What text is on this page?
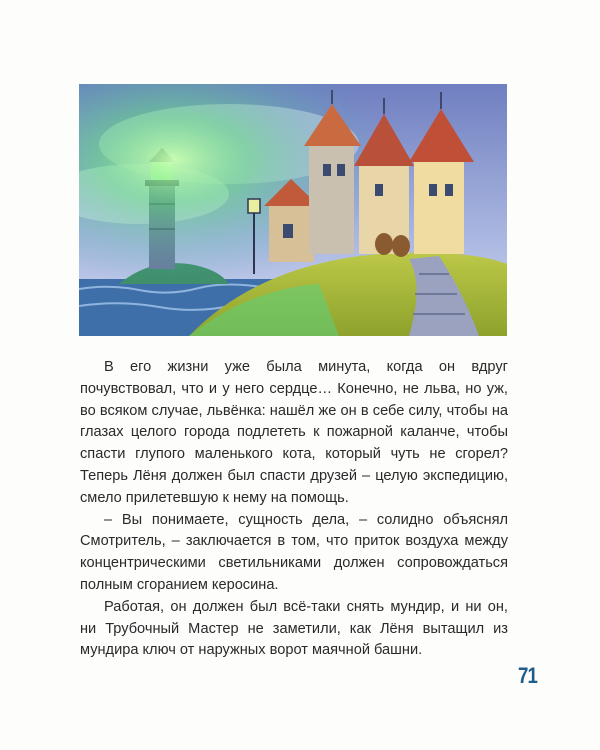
В его жизни уже была минута, когда он вдруг почувствовал, что и у него сердце… Конечно, не льва, но уж, во всяком случае, львёнка: нашёл же он в себе силу, чтобы на глазах целого города подлететь к пожарной каланче, чтобы спасти глупого маленького кота, который чуть не сгорел? Теперь Лёня должен был спасти друзей – целую экспедицию, смело прилетевшую к нему на помощь.

– Вы понимаете, сущность дела, – солидно объяснял Смотритель, – заключается в том, что приток воздуха между концентрическими светильниками должен сопровождаться полным сгоранием керосина.

Работая, он должен был всё-таки снять мундир, и ни он, ни Трубочный Мастер не заметили, как Лёня вытащил из мундира ключ от наружных ворот маячной башни.

71
